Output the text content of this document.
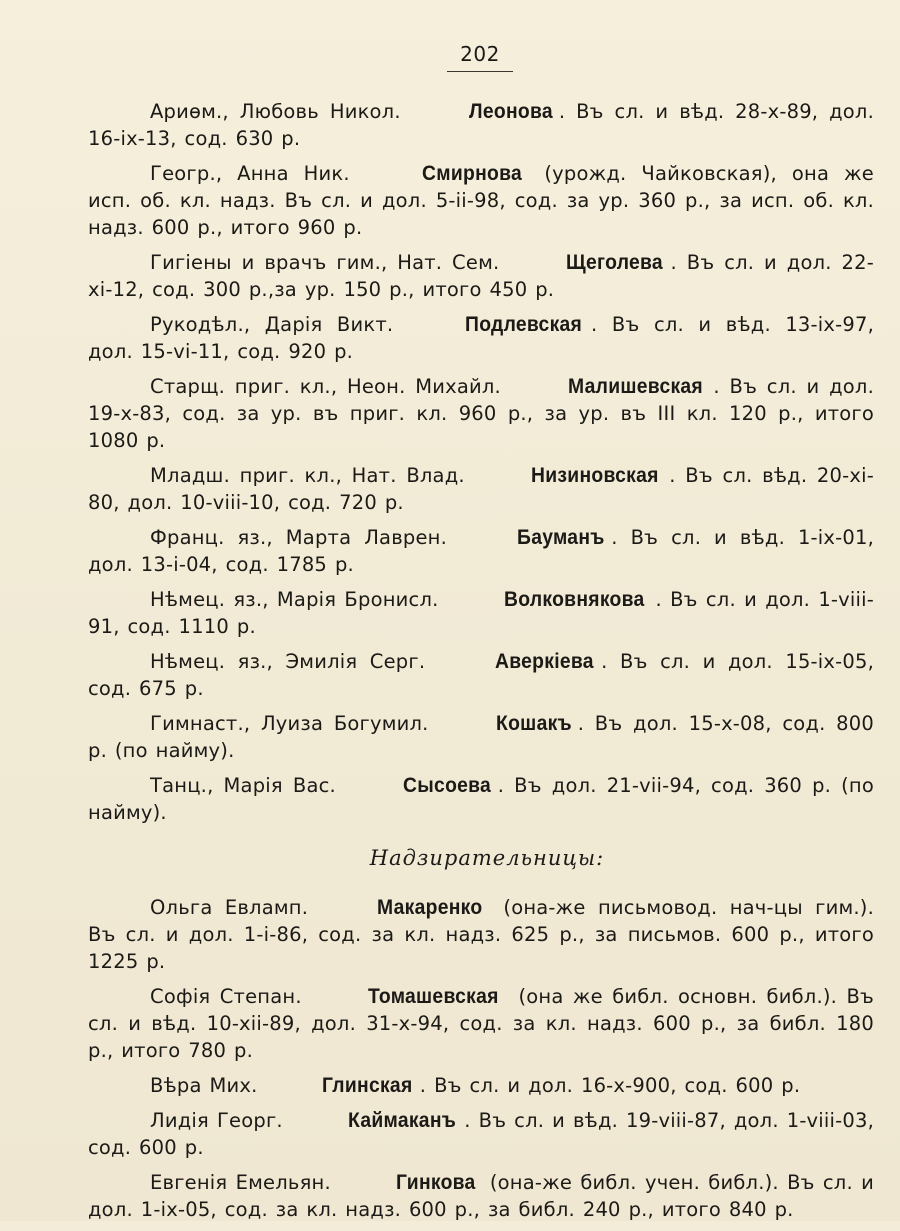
202

Ариѳм., Любовь Никол.	Леонова . Въ сл. и вѣд. 28-х-89, дол. 16-ix-13, сод. 630 р.

Геогр., Анна Ник.	Смирнова (урожд. Чайковская), она же исп. об. кл. надз. Въ сл. и дол. 5-ii-98, сод. за ур. 360 р., за исп. об. кл. надз. 600 р., итого 960 р.

Гигіены и врачъ гим., Нат. Сем.	Щеголева . Въ сл. и дол. 22-xi-12, сод. 300 р.,за ур. 150 р., итого 450 р.

Рукодѣл., Дарія Викт.	Подлевская . Въ сл. и вѣд. 13-ix-97, дол. 15-vi-11, сод. 920 р.

Старщ. приг. кл., Неон. Михайл.	Малишевская . Въ сл. и дол. 19-х-83, сод. за ур. въ приг. кл. 960 р., за ур. въ III кл. 120 р., итого 1080 р.

Младш. приг. кл., Нат. Влад.	Низиновская . Въ сл. вѣд. 20-xi-80, дол. 10-viii-10, сод. 720 р.

Франц. яз., Марта Лаврен.	Бауманъ . Въ сл. и вѣд. 1-ix-01, дол. 13-i-04, сод. 1785 р.

Нѣмец. яз., Марія Бронисл.	Волковнякова . Въ сл. и дол. 1-viii-91, сод. 1110 р.

Нѣмец. яз., Эмилія Серг.	Аверкіева . Въ сл. и дол. 15-ix-05, сод. 675 р.

Гимнаст., Луиза Богумил.	Кошакъ . Въ дол. 15-х-08, сод. 800 р. (по найму).

Танц., Марія Вас.	Сысоева . Въ дол. 21-vii-94, сод. 360 р. (по найму).

Надзирательницы:

Ольга Евламп.	Макаренко (она-же письмовод. нач-цы гим.). Въ сл. и дол. 1-i-86, сод. за кл. надз. 625 р., за письмов. 600 р., итого 1225 р.

Софія Степан.	Томашевская (она же библ. основн. библ.). Въ сл. и вѣд. 10-xii-89, дол. 31-х-94, сод. за кл. надз. 600 р., за библ. 180 р., итого 780 р.

Вѣра Мих.	Глинская . Въ сл. и дол. 16-х-900, сод. 600 р.

Лидія Георг.	Каймаканъ . Въ сл. и вѣд. 19-viii-87, дол. 1-viii-03, сод. 600 р.

Евгенія Емельян.	Гинкова (она-же библ. учен. библ.). Въ сл. и дол. 1-ix-05, сод. за кл. надз. 600 р., за библ. 240 р., итого 840 р.
